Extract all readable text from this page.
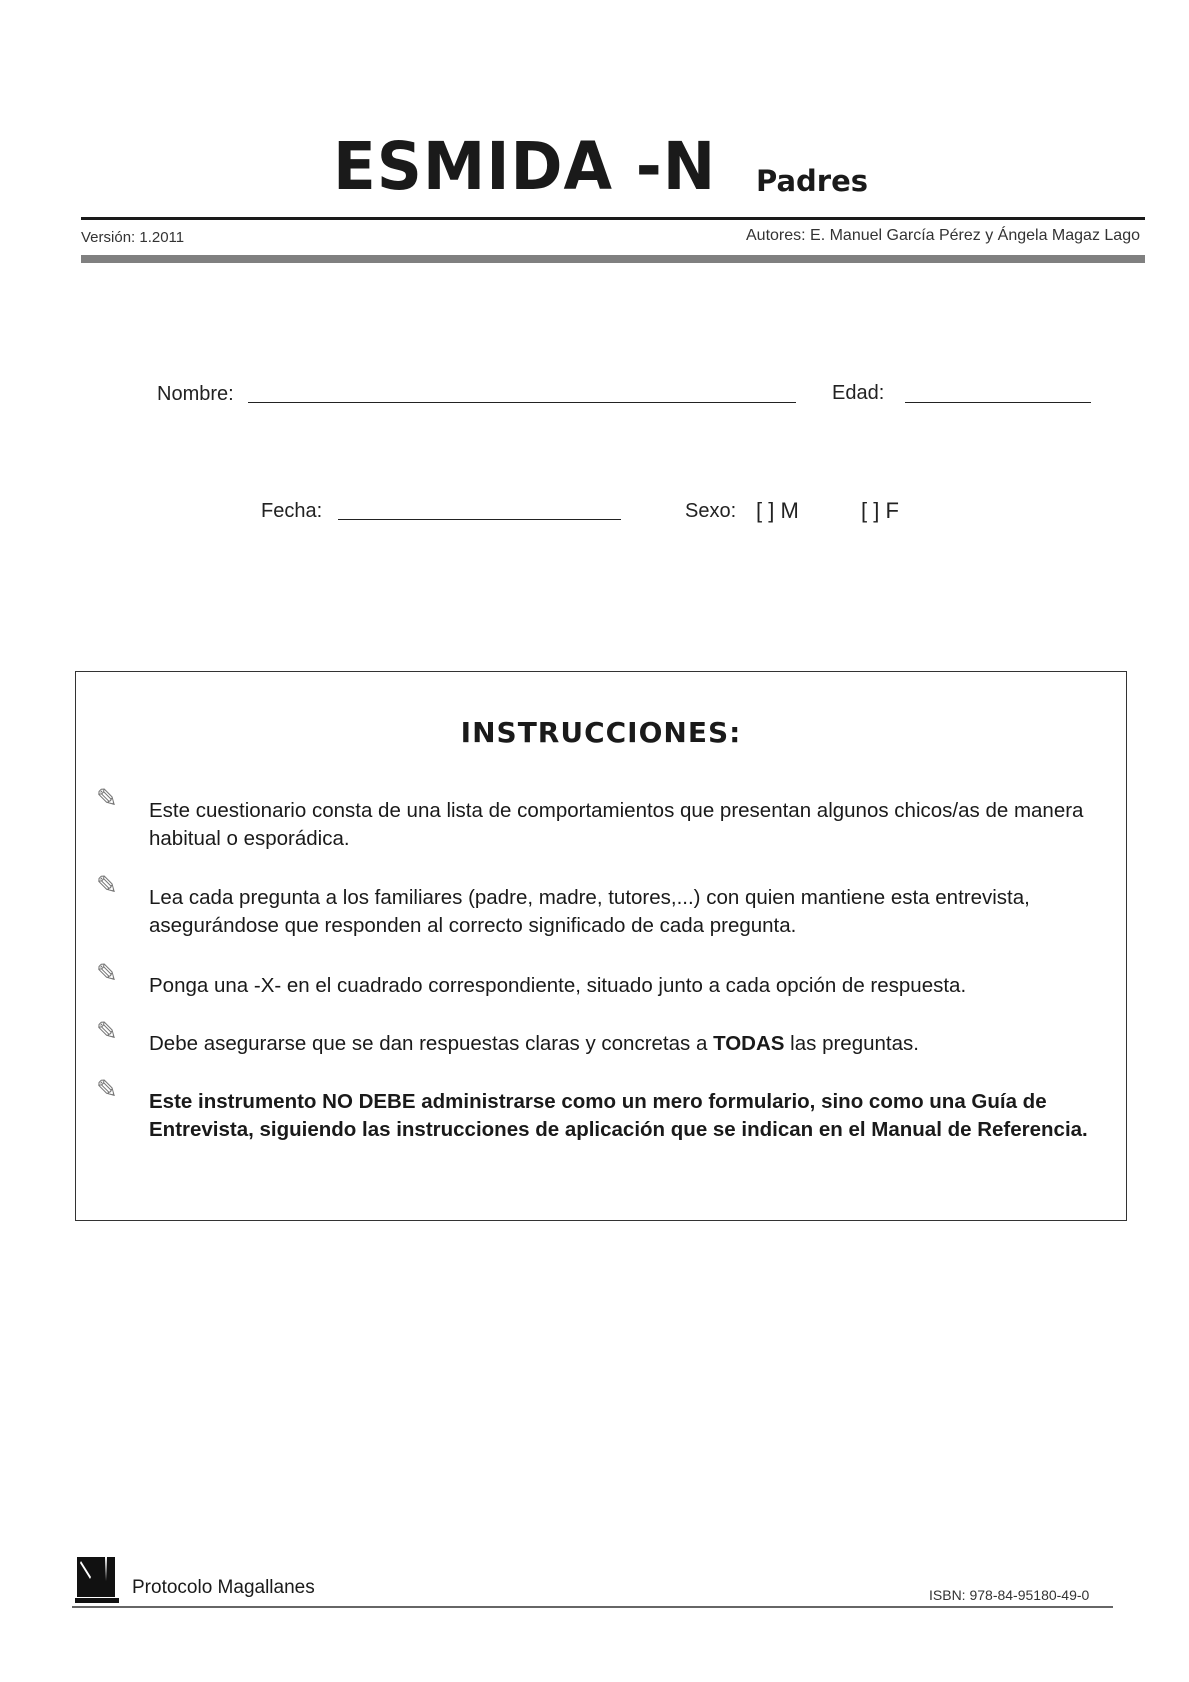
ESMIDA -N Padres
Versión: 1.2011	Autores: E. Manuel García Pérez y Ángela Magaz Lago
Nombre:	Edad:
Fecha:	Sexo: [ ] M	[ ] F
INSTRUCCIONES:
✎ Este cuestionario consta de una lista de comportamientos que presentan algunos chicos/as de manera habitual o esporádica.
✎ Lea cada pregunta a los familiares (padre, madre, tutores,...) con quien mantiene esta entrevista, asegurándose que responden al correcto significado de cada pregunta.
✎ Ponga una -X- en el cuadrado correspondiente, situado junto a cada opción de respuesta.
✎ Debe asegurarse que se dan respuestas claras y concretas a TODAS las preguntas.
✎ Este instrumento NO DEBE administrarse como un mero formulario, sino como una Guía de Entrevista, siguiendo las instrucciones de aplicación que se indican en el Manual de Referencia.
Protocolo Magallanes	ISBN: 978-84-95180-49-0
